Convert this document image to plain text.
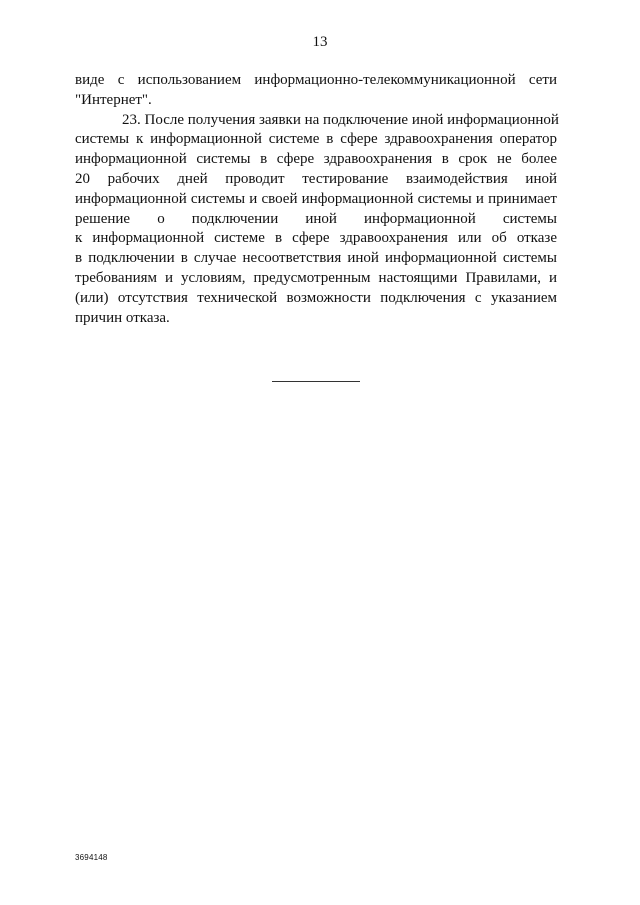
13
виде с использованием информационно-телекоммуникационной сети
"Интернет".
23. После получения заявки на подключение иной информационной
системы к информационной системе в сфере здравоохранения оператор
информационной системы в сфере здравоохранения в срок не более
20 рабочих дней проводит тестирование взаимодействия иной
информационной системы и своей информационной системы и принимает
решение о подключении иной информационной системы
к информационной системе в сфере здравоохранения или об отказе
в подключении в случае несоответствия иной информационной системы
требованиям и условиям, предусмотренным настоящими Правилами, и
(или) отсутствия технической возможности подключения с указанием
причин отказа.
3694148
